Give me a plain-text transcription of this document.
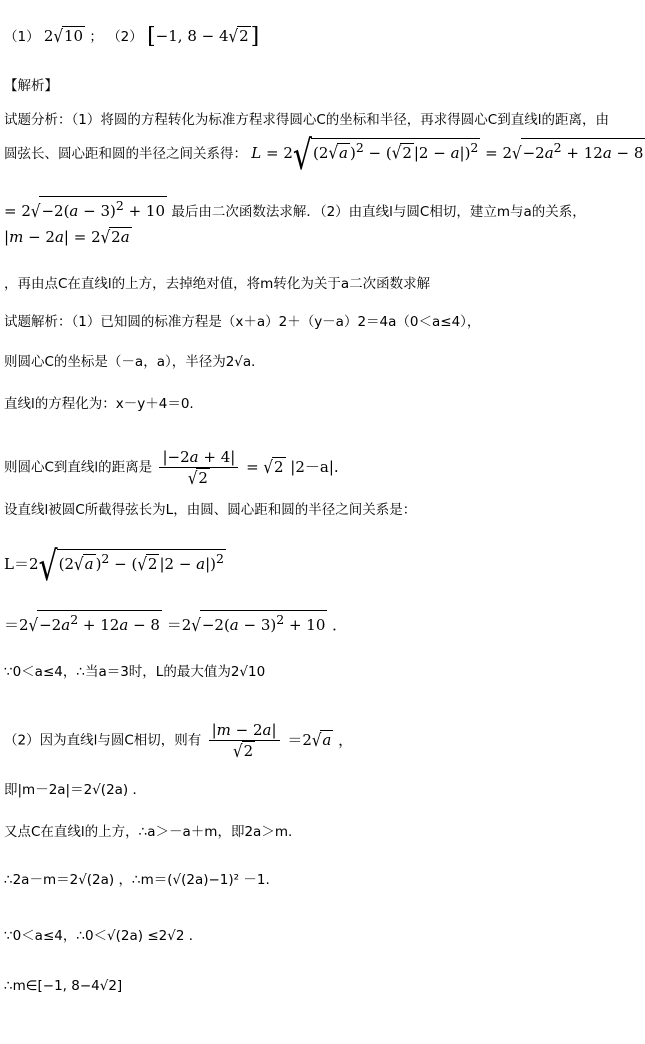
（1） 2√10 ； （2） [−1, 8 − 4√2]
【解析】
试题分析：（1）将圆的方程转化为标准方程求得圆心C的坐标和半径，再求得圆心C到直线l的距离，由
圆弦长、圆心距和圆的半径之间关系得： L = 2√(2√a )$^2$ − (√2 $|2 - a|)^2 = 2√-2a^2 + 12a - 8$
= $2√-2(a - 3)^2 + 10$ 最后由二次函数法求解．（2）由直线l与圆C相切，建立m与a的关系，
|m − 2a| = 2√2a
，再由点C在直线l的上方，去掉绝对值，将m转化为关于a二次函数求解
试题解析：（1）已知圆的标准方程是（x＋a）2＋（y－a）2＝4a（0＜a≤4），
则圆心C的坐标是（－a，a），半径为2√a．
直线l的方程化为：x－y＋4＝0.
则圆心C到直线l的距离是 $\frac{|-2a + 4|}{√2} = √2$ |2－a|.
设直线l被圆C所截得弦长为L，由圆、圆心距和圆的半径之间关系是：
L＝2√(2√a )$^2$ − (√2 |2 − a|)$^2$
$=2√-2a^2 + 12a - 8 =2√-2(a - 3)^2 + 10$ ．
∵0＜a≤4，∴当a＝3时，L的最大值为2√10
（2）因为直线l与圆C相切，则有 $\frac{|m - 2a|}{√2} =2√a$ ，
即|m－2a|＝2√(2a) ．
又点C在直线l的上方，∴a＞－a＋m，即2a＞m.
∴2a－m＝2√(2a) ，∴m＝(√(2a)−1)² －1.
∵0＜a≤4，∴0＜√(2a) ≤2√2 ．
∴m∈[−1, 8−4√2]
